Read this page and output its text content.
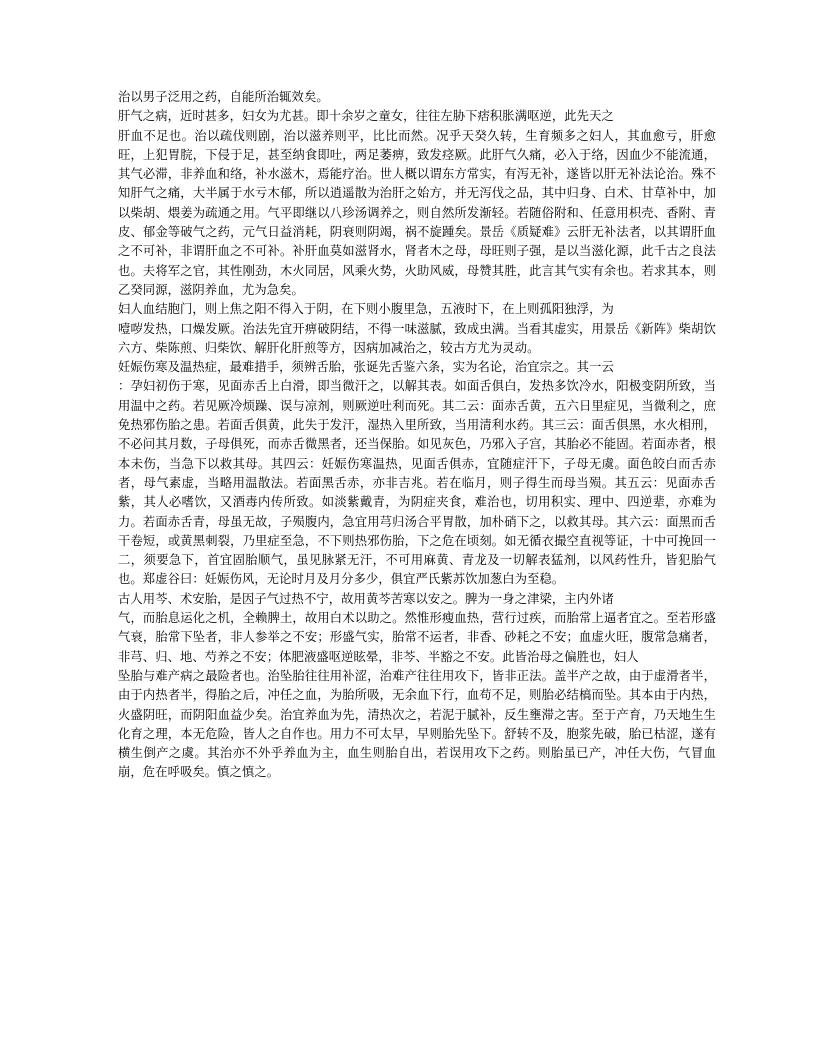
治以男子泛用之药，自能所治辄效矣。

肝气之病，近时甚多，妇女为尤甚。即十余岁之童女，往往左胁下痞积胀满呕逆，此先天之

肝血不足也。治以疏伐则剧，治以滋养则平，比比而然。况乎天癸久转，生育频多之妇人，其血愈亏，肝愈旺，上犯胃脘，下侵于足，甚至纳食即吐，两足萎痹，致发痉厥。此肝气久痛，必入于络，因血少不能流通，其气必滞，非养血和络，补水滋木，焉能疗治。世人概以谓东方常实，有泻无补，遂皆以肝无补法论治。殊不知肝气之痛，大半属于水亏木郁，所以逍遥散为治肝之始方，并无泻伐之品，其中归身、白术、甘草补中，加以柴胡、煨姜为疏通之用。气平即继以八珍汤调养之，则自然所发渐轻。若随俗附和、任意用枳壳、香附、青皮、郁金等破气之药，元气日益消耗，阴衰则阴竭，祸不旋踵矣。景岳《质疑难》云肝无补法者，以其谓肝血之不可补，非谓肝血之不可补。补肝血莫如滋肾水，肾者木之母，母旺则子强，是以当滋化源，此千古之良法也。夫将军之官，其性刚劲，木火同居，风乘火势，火助风威，母赞其胜，此言其气实有余也。若求其本，则乙癸同源，滋阴养血，尤为急矣。

妇人血结胞门，则上焦之阳不得入于阴，在下则小腹里急，五液时下，在上则孤阳独浮，为

噎哕发热，口燥发厥。治法先宜开痹破阴结，不得一味滋腻，致成虫满。当看其虚实，用景岳《新阵》柴胡饮六方、柴陈煎、归柴饮、解肝化肝煎等方，因病加减治之，较古方尤为灵动。

妊娠伤寒及温热症，最难措手，须辨舌胎，张诞先舌鉴六条，实为名论，治宜宗之。其一云

：孕妇初伤于寒，见面赤舌上白滑，即当微汗之，以解其表。如面舌俱白，发热多饮冷水，阳极变阴所致，当用温中之药。若见厥冷烦躁、误与凉剂，则厥逆吐利而死。其二云：面赤舌黄，五六日里症见，当微利之，庶免热邪伤胎之患。若面舌俱黄，此失于发汗，湿热入里所致，当用清利水药。其三云：面舌俱黑，水火相刑，不必问其月数，子母俱死，而赤舌微黑者，还当保胎。如见灰色，乃邪入子宫，其胎必不能固。若面赤者，根本未伤，当急下以救其母。其四云：妊娠伤寒温热，见面舌俱赤，宜随症汗下，子母无虞。面色皎白而舌赤者，母气素虚，当略用温散法。若面黑舌赤，亦非吉兆。若在临月，则子得生而母当殒。其五云：见面赤舌紫，其人必嗜饮，又酒毒内传所致。如淡紫戴青，为阴症夹食，难治也，切用积实、理中、四逆辈，亦难为力。若面赤舌青，母虽无故，子殒腹内，急宜用芎归汤合平胃散，加朴硝下之，以救其母。其六云：面黑而舌干卷短，或黄黑刺裂，乃里症至急，不下则热邪伤胎，下之危在顷刻。如无循衣撮空直视等证，十中可挽回一二，须要急下，首宜固胎顺气，虽见脉紧无汗，不可用麻黄、青龙及一切解表猛剂，以风药性升，皆犯胎气也。郑虚谷曰：妊娠伤风，无论时月及月分多少，俱宜严氏紫苏饮加葱白为至稳。

古人用芩、术安胎，是因子气过热不宁，故用黄芩苦寒以安之。脾为一身之津梁，主内外诸

气，而胎息运化之机，全赖脾土，故用白术以助之。然惟形瘦血热，营行过疾，而胎常上逼者宜之。至若形盛气衰，胎常下坠者，非人参举之不安；形盛气实，胎常不运者，非香、砂耗之不安；血虚火旺，腹常急痛者，非芎、归、地、芍养之不安；体肥液盛呕逆眩晕，非芩、半豁之不安。此皆治母之偏胜也，妇人

坠胎与难产病之最险者也。治坠胎往往用补涩，治难产往往用攻下，皆非正法。盖半产之故，由于虚滑者半，由于内热者半，得胎之后，冲任之血，为胎所吸，无余血下行，血苟不足，则胎必结槁而坠。其本由于内热，火盛阴旺，而阴阳血益少矣。治宜养血为先，清热次之，若泥于腻补，反生壅滞之害。至于产育，乃天地生生化育之理，本无危险，皆人之自作也。用力不可太早，早则胎先坠下。舒转不及，胞浆先破，胎已枯涩，遂有横生倒产之虞。其治亦不外乎养血为主，血生则胎自出，若误用攻下之药。则胎虽已产，冲任大伤，气冒血崩，危在呼吸矣。慎之慎之。
